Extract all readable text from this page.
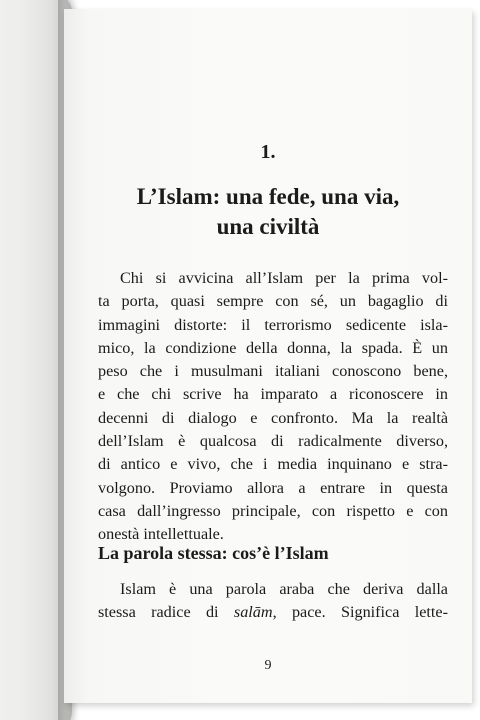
1.
L’Islam: una fede, una via,
una civiltà
Chi si avvicina all’Islam per la prima vol-
ta porta, quasi sempre con sé, un bagaglio di
immagini distorte: il terrorismo sedicente isla-
mico, la condizione della donna, la spada. È un
peso che i musulmani italiani conoscono bene,
e che chi scrive ha imparato a riconoscere in
decenni di dialogo e confronto. Ma la realtà
dell’Islam è qualcosa di radicalmente diverso,
di antico e vivo, che i media inquinano e stra-
volgono. Proviamo allora a entrare in questa
casa dall’ingresso principale, con rispetto e con
onestà intellettuale.
La parola stessa: cos’è l’Islam
Islam è una parola araba che deriva dalla
stessa radice di salām, pace. Significa lette-
9
